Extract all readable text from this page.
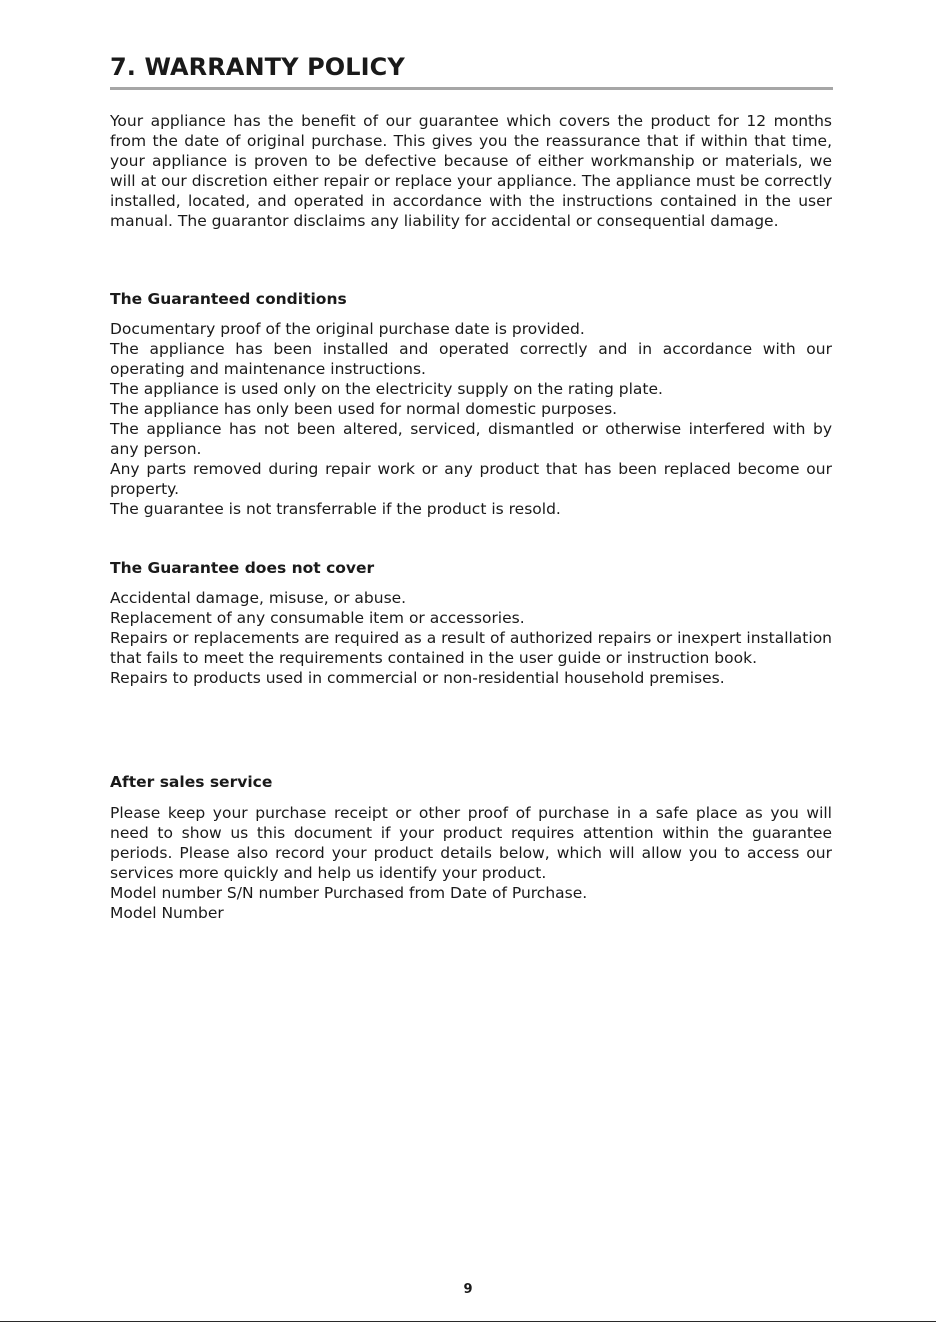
7. WARRANTY POLICY

Your appliance has the benefit of our guarantee which covers the product for 12 months from the date of original purchase. This gives you the reassurance that if within that time, your appliance is proven to be defective because of either workmanship or materials, we will at our discretion either repair or replace your appliance. The appliance must be correctly installed, located, and operated in accordance with the instructions contained in the user manual. The guarantor disclaims any liability for accidental or consequential damage.

The Guaranteed conditions
Documentary proof of the original purchase date is provided.
The appliance has been installed and operated correctly and in accordance with our operating and maintenance instructions.
The appliance is used only on the electricity supply on the rating plate.
The appliance has only been used for normal domestic purposes.
The appliance has not been altered, serviced, dismantled or otherwise interfered with by any person.
Any parts removed during repair work or any product that has been replaced become our property.
The guarantee is not transferrable if the product is resold.
The Guarantee does not cover
Accidental damage, misuse, or abuse.
Replacement of any consumable item or accessories.
Repairs or replacements are required as a result of authorized repairs or inexpert installation that fails to meet the requirements contained in the user guide or instruction book.
Repairs to products used in commercial or non-residential household premises.
After sales service
Please keep your purchase receipt or other proof of purchase in a safe place as you will need to show us this document if your product requires attention within the guarantee periods. Please also record your product details below, which will allow you to access our services more quickly and help us identify your product.
Model number S/N number Purchased from Date of Purchase.
Model Number
9
